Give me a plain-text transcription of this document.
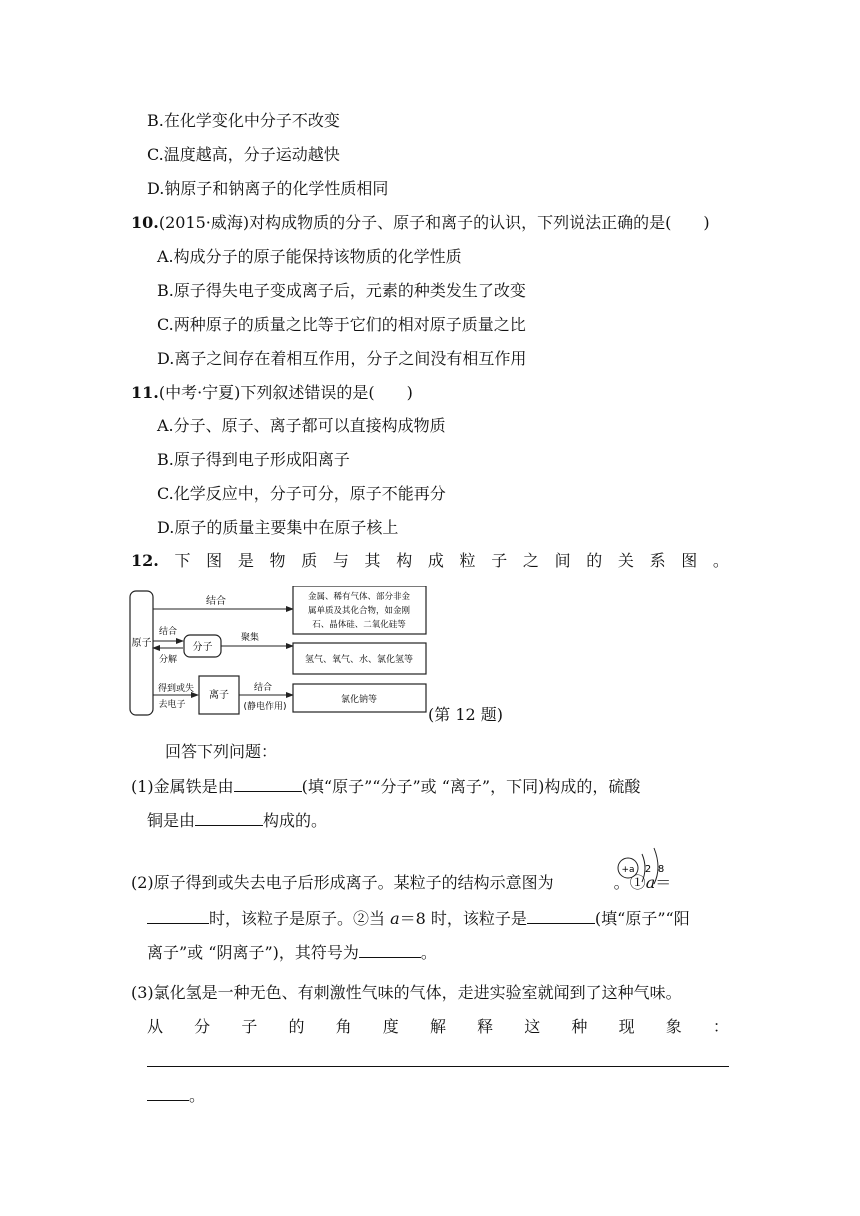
B.在化学变化中分子不改变
C.温度越高，分子运动越快
D.钠原子和钠离子的化学性质相同
10.(2015·威海)对构成物质的分子、原子和离子的认识，下列说法正确的是(　　)
A.构成分子的原子能保持该物质的化学性质
B.原子得失电子变成离子后，元素的种类发生了改变
C.两种原子的质量之比等于它们的相对原子质量之比
D.离子之间存在着相互作用，分子之间没有相互作用
11.(中考·宁夏)下列叙述错误的是(　　)
A.分子、原子、离子都可以直接构成物质
B.原子得到电子形成阳离子
C.化学反应中，分子可分，原子不能再分
D.原子的质量主要集中在原子核上
12. 下 图 是 物 质 与 其 构 成 粒 子 之 间 的 关 系 图 。
原子
结合	金属、稀有气体、部分非金
属单质及其化合物，如金刚
石、晶体硅、二氧化硅等
结合
分解
分子
聚集
氢气、氧气、水、氯化氢等
得到或失
去电子
离子
结合
(静电作用)
氯化钠等
(第 12 题)
回答下列问题：
(1)金属铁是由	(填“原子”“分子”或 “离子”，下同)构成的，硫酸
铜是由	构成的。
+a 2 8
(2)原子得到或失去电子后形成离子。某粒子的结构示意图为	。①a＝
时，该粒子是原子。②当 a＝8 时，该粒子是	(填“原子”“阳
离子”或 “阴离子”)，其符号为	。
(3)氯化氢是一种无色、有刺激性气味的气体，走进实验室就闻到了这种气味。
从 分 子 的 角 度 解 释 这 种 现 象 ：
。
